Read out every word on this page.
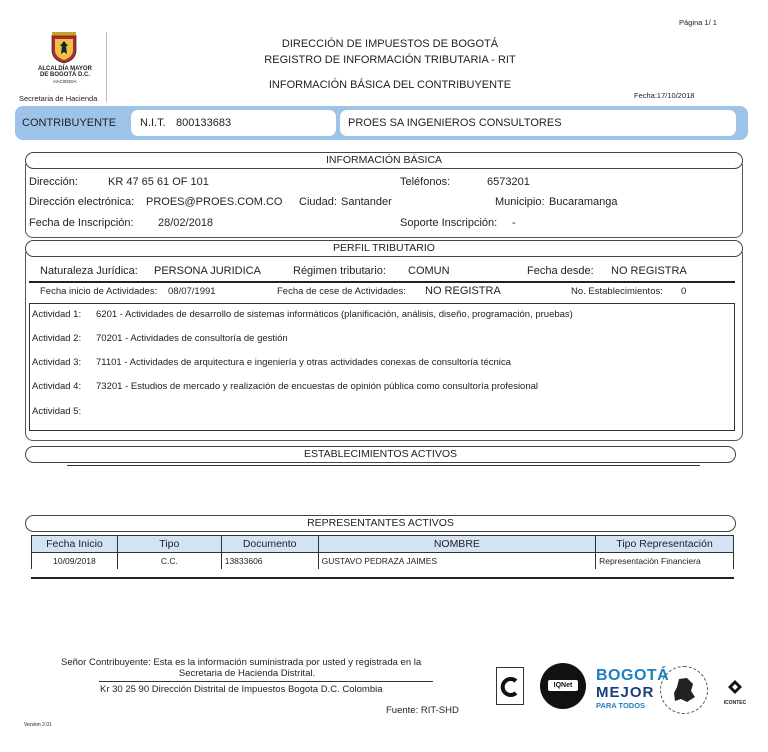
Página 1/ 1
ALCALDÍA MAYOR
DE BOGOTÁ D.C.
HACIENDA
Secretaria de Hacienda
DIRECCIÓN DE IMPUESTOS DE BOGOTÁ
REGISTRO DE INFORMACIÓN TRIBUTARIA - RIT
INFORMACIÓN BÁSICA DEL CONTRIBUYENTE
Fecha:17/10/2018
CONTRIBUYENTE N.I.T. 800133683	PROES SA INGENIEROS CONSULTORES
INFORMACIÓN BÁSICA
Dirección:	KR 47 65 61 OF 101	Teléfonos:	6573201
Dirección electrónica: PROES@PROES.COM.CO Ciudad: Santander	Municipio: Bucaramanga
Fecha de Inscripción: 28/02/2018	Soporte Inscripción: -
PERFIL TRIBUTARIO
Naturaleza Jurídica: PERSONA JURIDICA	Régimen tributario: COMUN	Fecha desde: NO REGISTRA
Fecha inicio de Actividades: 08/07/1991	Fecha de cese de Actividades: NO REGISTRA	No. Establecimientos: 0
Actividad 1: 6201 - Actividades de desarrollo de sistemas informáticos (planificación, análisis, diseño, programación, pruebas)
Actividad 2: 70201 - Actividades de consultoría de gestión
Actividad 3: 71101 - Actividades de arquitectura e ingeniería y otras actividades conexas de consultoría técnica
Actividad 4: 73201 - Estudios de mercado y realización de encuestas de opinión pública como consultoría profesional
Actividad 5:
ESTABLECIMIENTOS ACTIVOS
REPRESENTANTES ACTIVOS
Fecha Inicio	Tipo	Documento	NOMBRE	Tipo Representación
10/09/2018	C.C.	13833606	GUSTAVO PEDRAZA JAIMES	Representación Financiera
Señor Contribuyente: Esta es la información suministrada por usted y registrada en la
Secretaria de Hacienda Distrital.
Kr 30 25 90 Dirección Distrital de Impuestos Bogota D.C. Colombia
Fuente: RIT-SHD
Version 2.01
IQNet
BOGOTÁ
MEJOR
PARA TODOS	ICONTEC
